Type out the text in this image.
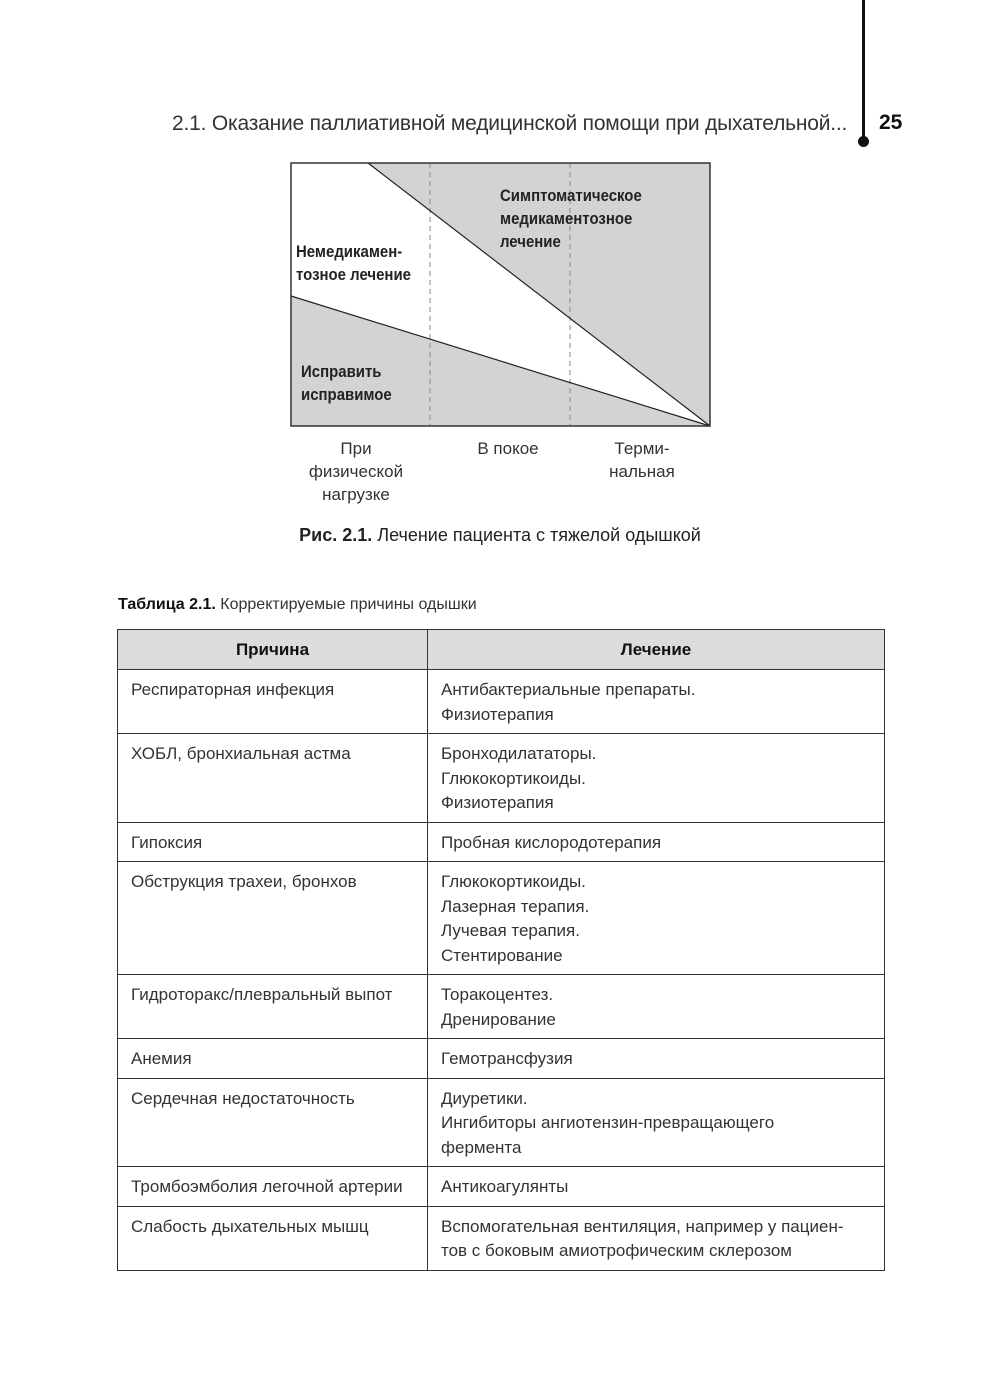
2.1. Оказание паллиативной медицинской помощи при дыхательной... 25
Симптоматическое
медикаментозное
лечение
Немедикамен-
тозное лечение
Исправить
исправимое
При
физической
нагрузке
В покое	Терми-
нальная
Рис. 2.1. Лечение пациента с тяжелой одышкой
Таблица 2.1. Корректируемые причины одышки
Причина	Лечение
Респираторная инфекция	Антибактериальные препараты.
Физиотерапия

ХОБЛ, бронхиальная астма	Бронходилататоры.
Глюкокортикоиды.
Физиотерапия

Гипоксия	Пробная кислородотерапия

Обструкция трахеи, бронхов	Глюкокортикоиды.
Лазерная терапия.
Лучевая терапия.
Стентирование

Гидроторакс/плевральный выпот	Торакоцентез.
Дренирование

Анемия	Гемотрансфузия

Сердечная недостаточность	Диуретики.
Ингибиторы ангиотензин-превращающего
фермента

Тромбоэмболия легочной артерии	Антикоагулянты

Слабость дыхательных мышц	Вспомогательная вентиляция, например у пациен-
тов с боковым амиотрофическим склерозом
